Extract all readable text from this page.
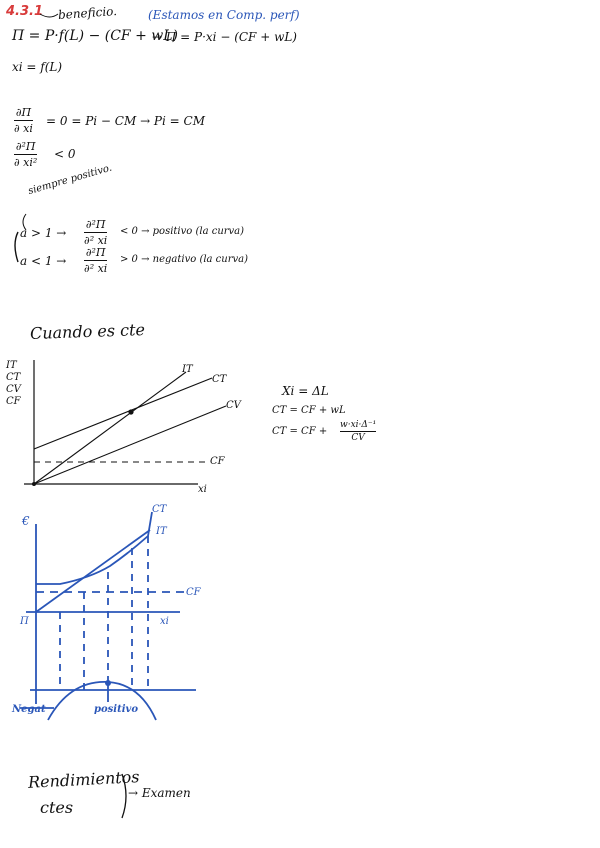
4.3.1 beneficio.	(Estamos en Comp. perf)
Π = P·f(L) − (CF + wL)
→ Π = P·xi − (CF + wL)
xi = f(L)
∂Π
∂ xi
= 0 = Pi − CM → Pi = CM
∂²Π
∂ xi²
< 0
siempre positivo.
a > 1 →
∂²Π
∂² xi
< 0 → positivo (la curva)
a < 1 →
∂²Π
∂² xi
> 0 → negativo (la curva)
Cuando es cte
IT
CT
CV
CF
IT
CT
CV
CF
xi
Xi = ΔL
CT = CF + wL
CT = CF +
w·xi·Δ⁻¹
CV
€
xi
Π
CT
IT
CF
Negat	positivo
Rendimientos
ctes
→ Examen
